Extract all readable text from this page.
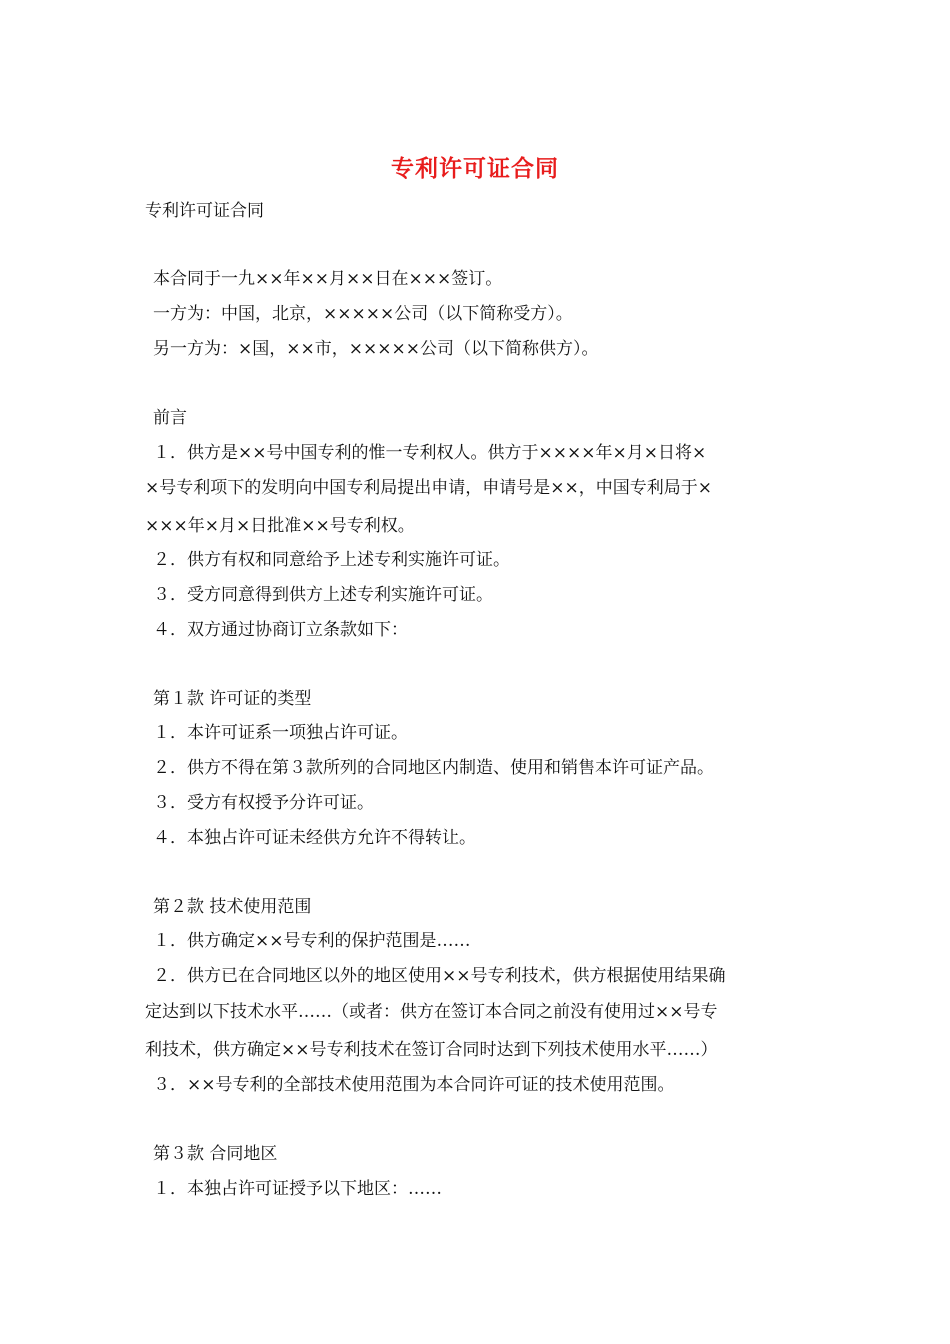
专利许可证合同
专利许可证合同
本合同于一九××年××月××日在×××签订。
一方为：中国，北京，×××××公司（以下简称受方）。
另一方为：×国，××市，×××××公司（以下简称供方）。
前言
１．供方是××号中国专利的惟一专利权人。供方于××××年×月×日将×
×号专利项下的发明向中国专利局提出申请，申请号是××，中国专利局于×
×××年×月×日批准××号专利权。
２．供方有权和同意给予上述专利实施许可证。
３．受方同意得到供方上述专利实施许可证。
４．双方通过协商订立条款如下：
第１款 许可证的类型
１．本许可证系一项独占许可证。
２．供方不得在第３款所列的合同地区内制造、使用和销售本许可证产品。
３．受方有权授予分许可证。
４．本独占许可证未经供方允许不得转让。
第２款 技术使用范围
１．供方确定××号专利的保护范围是……
２．供方已在合同地区以外的地区使用××号专利技术，供方根据使用结果确
定达到以下技术水平……（或者：供方在签订本合同之前没有使用过××号专
利技术，供方确定××号专利技术在签订合同时达到下列技术使用水平……）
３．××号专利的全部技术使用范围为本合同许可证的技术使用范围。
第３款 合同地区
１．本独占许可证授予以下地区：……
